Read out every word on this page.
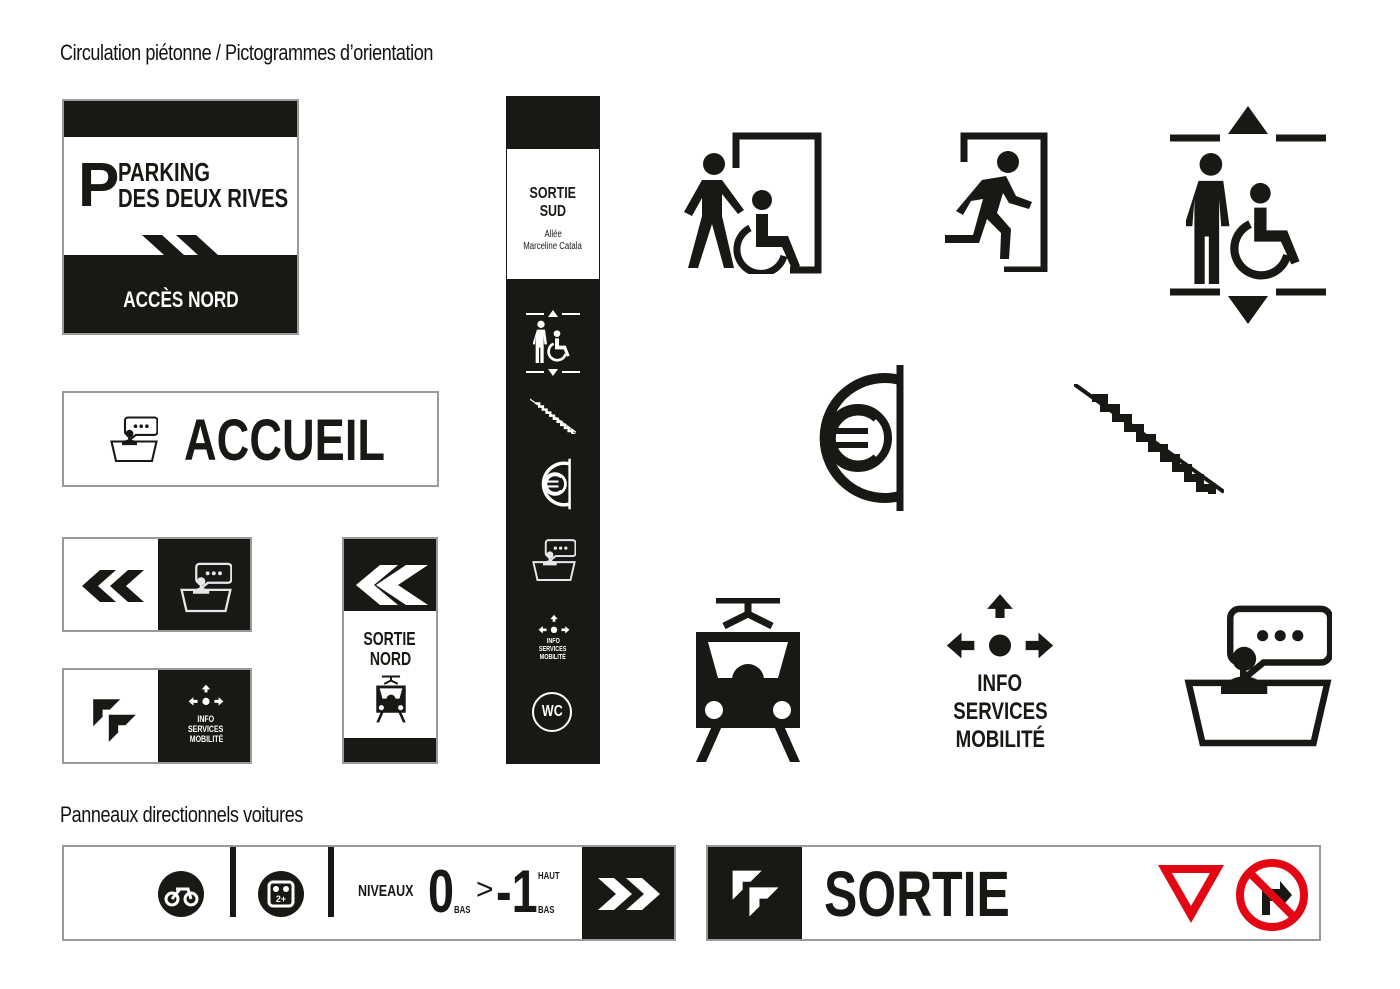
Circulation piétonne / Pictogrammes d’orientation
Panneaux directionnels voitures
P
PARKING
DES DEUX RIVES
ACCÈS NORD
ACCUEIL
INFO
SERVICES
MOBILITÉ
SORTIE
NORD
SORTIE
SUD
Allée
Marceline Catala
INFO
SERVICES
MOBILITÉ
WC
INFO
SERVICES
MOBILITÉ
2+	NIVEAUX 0 BAS
> -1 HAUT
BAS	SORTIE
